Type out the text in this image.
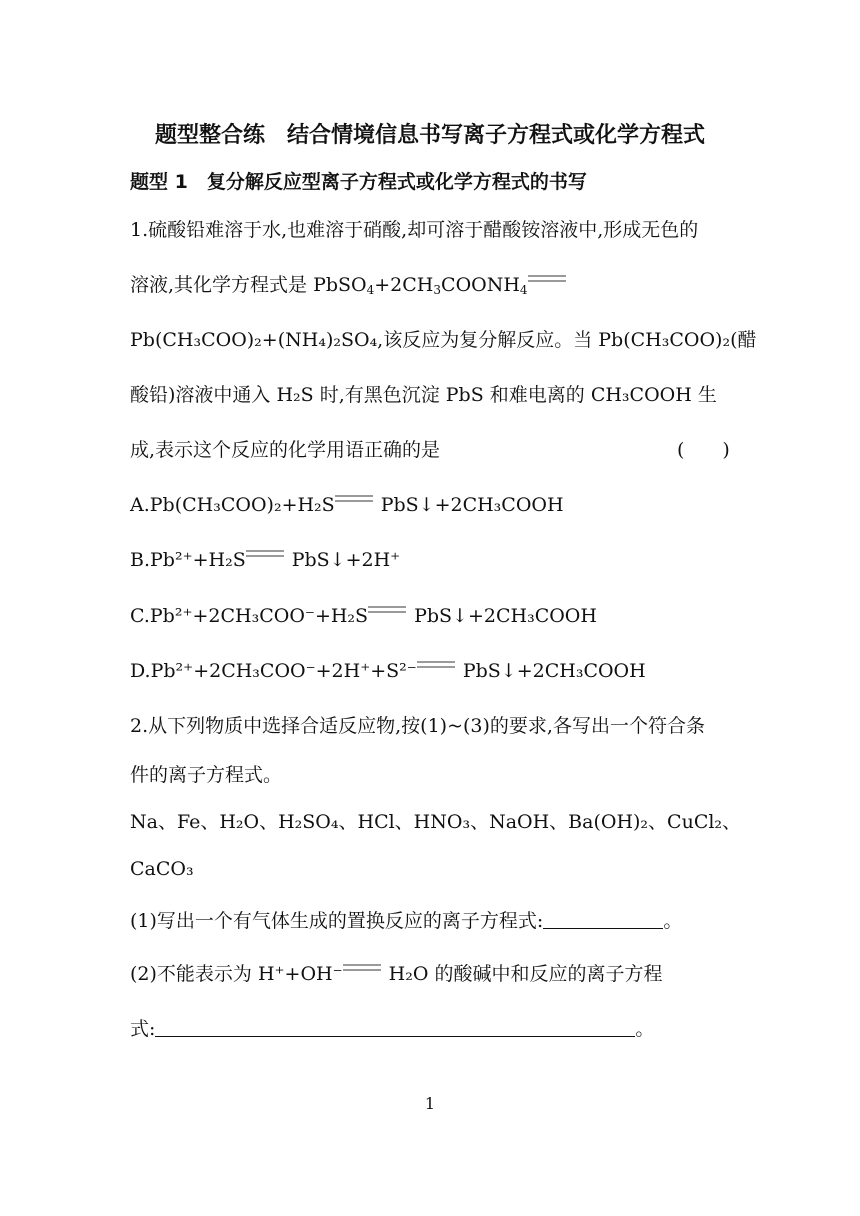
题型整合练　结合情境信息书写离子方程式或化学方程式
题型 1　复分解反应型离子方程式或化学方程式的书写
1.硫酸铅难溶于水,也难溶于硝酸,却可溶于醋酸铵溶液中,形成无色的
溶液,其化学方程式是 $PbSO_4+2CH_3COONH_4$
Pb(CH₃COO)₂+(NH₄)₂SO₄,该反应为复分解反应。当 Pb(CH₃COO)₂(醋
酸铅)溶液中通入 H₂S 时,有黑色沉淀 PbS 和难电离的 CH₃COOH 生
成,表示这个反应的化学用语正确的是	(　　)
A.Pb(CH₃COO)₂+H₂S PbS↓+2CH₃COOH
B.Pb²⁺+H₂S PbS↓+2H⁺
C.Pb²⁺+2CH₃COO⁻+H₂S PbS↓+2CH₃COOH
D.Pb²⁺+2CH₃COO⁻+2H⁺+S²⁻ PbS↓+2CH₃COOH
2.从下列物质中选择合适反应物,按(1)~(3)的要求,各写出一个符合条
件的离子方程式。
Na、Fe、H₂O、H₂SO₄、HCl、HNO₃、NaOH、Ba(OH)₂、CuCl₂、
CaCO₃
(1)写出一个有气体生成的置换反应的离子方程式:	。
(2)不能表示为 H⁺+OH⁻ H₂O 的酸碱中和反应的离子方程
式:	。
1
